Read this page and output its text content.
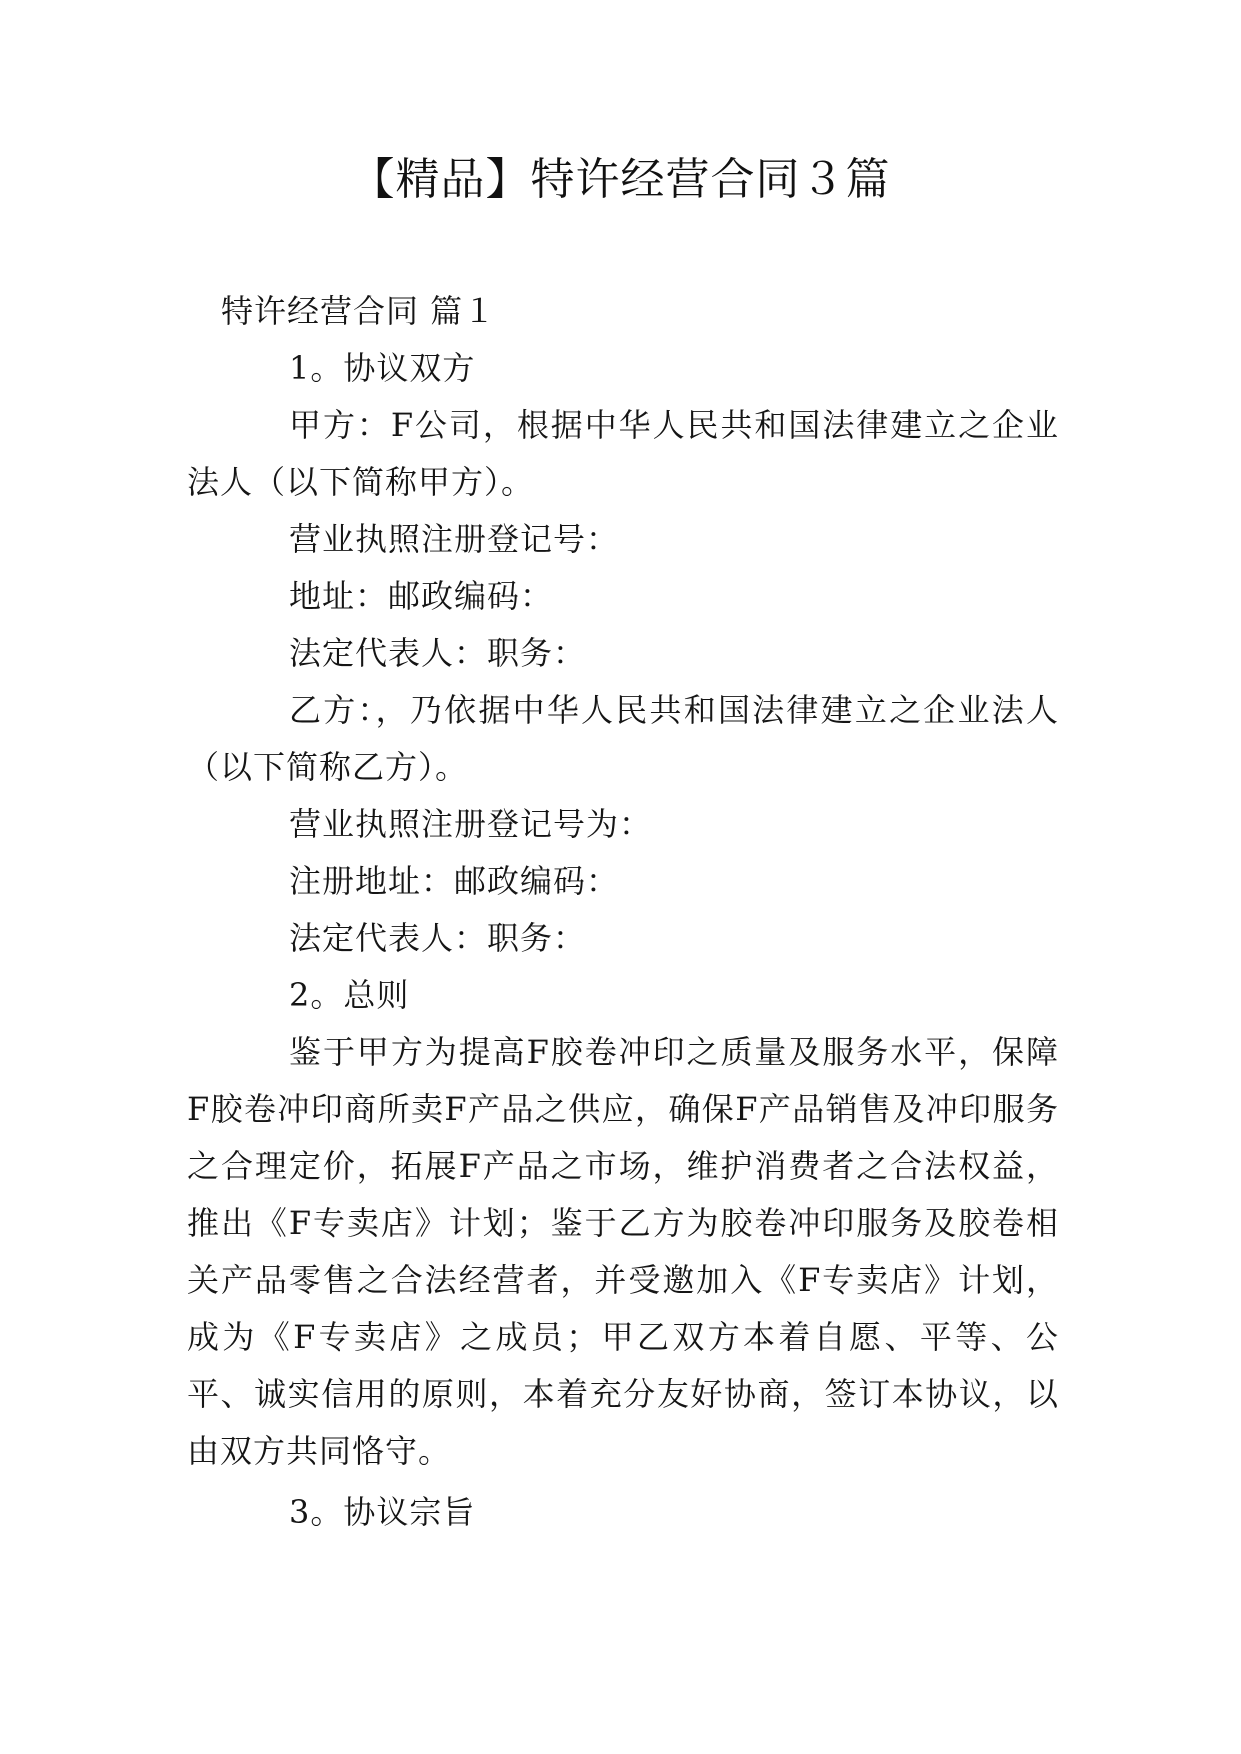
【精品】特许经营合同３篇

特许经营合同 篇１

1。协议双方

甲方：F公司，根据中华人民共和国法律建立之企业法人（以下简称甲方）。

营业执照注册登记号：

地址：邮政编码：

法定代表人：职务：

乙方：，乃依据中华人民共和国法律建立之企业法人（以下简称乙方）。

营业执照注册登记号为：

注册地址：邮政编码：

法定代表人：职务：

2。总则

鉴于甲方为提高F胶卷冲印之质量及服务水平，保障F胶卷冲印商所卖F产品之供应，确保F产品销售及冲印服务之合理定价，拓展F产品之市场，维护消费者之合法权益，推出《F专卖店》计划；鉴于乙方为胶卷冲印服务及胶卷相关产品零售之合法经营者，并受邀加入《F专卖店》计划，成为《F专卖店》之成员；甲乙双方本着自愿、平等、公平、诚实信用的原则，本着充分友好协商，签订本协议，以由双方共同恪守。

3。协议宗旨
